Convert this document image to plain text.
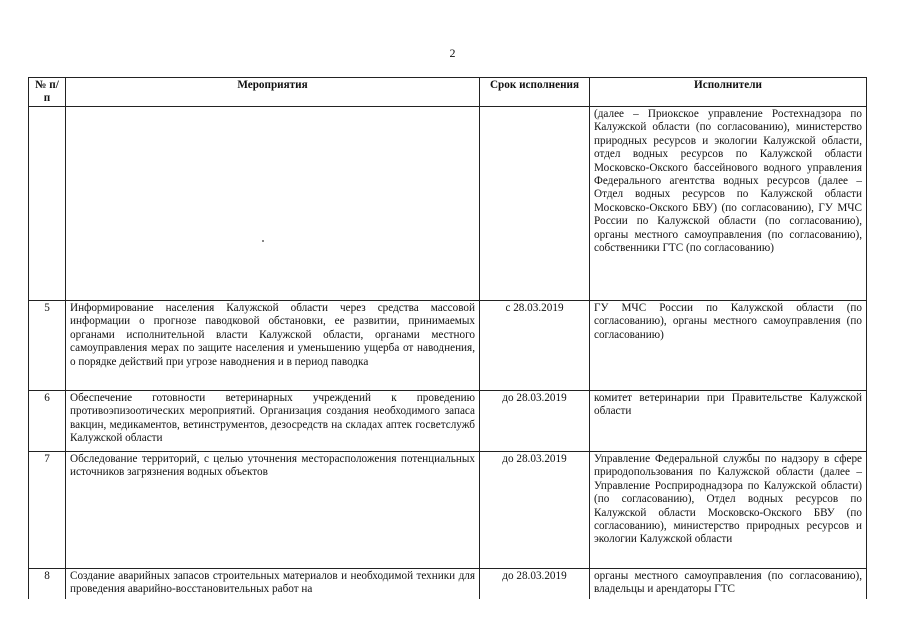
2
№ п/п	Мероприятия	Срок исполнения	Исполнители
			(далее – Приокское управление Ростехнадзора по Калужской области (по согласованию), министерство природных ресурсов и экологии Калужской области, отдел водных ресурсов по Калужской области Московско-Окского бассейнового водного управления Федерального агентства водных ресурсов (далее – Отдел водных ресурсов по Калужской области Московско-Окского БВУ) (по согласованию), ГУ МЧС России по Калужской области (по согласованию), органы местного самоуправления (по согласованию), собственники ГТС (по согласованию)
5	Информирование населения Калужской области через средства массовой информации о прогнозе паводковой обстановки, ее развитии, принимаемых органами исполнительной власти Калужской области, органами местного самоуправления мерах по защите населения и уменьшению ущерба от наводнения, о порядке действий при угрозе наводнения и в период паводка	с 28.03.2019	ГУ МЧС России по Калужской области (по согласованию), органы местного самоуправления (по согласованию)
6	Обеспечение готовности ветеринарных учреждений к проведению противоэпизоотических мероприятий. Организация создания необходимого запаса вакцин, медикаментов, ветинструментов, дезосредств на складах аптек госветслужб Калужской области	до 28.03.2019	комитет ветеринарии при Правительстве Калужской области
7	Обследование территорий, с целью уточнения месторасположения потенциальных источников загрязнения водных объектов	до 28.03.2019	Управление Федеральной службы по надзору в сфере природопользования по Калужской области (далее – Управление Росприроднадзора по Калужской области) (по согласованию), Отдел водных ресурсов по Калужской области Московско-Окского БВУ (по согласованию), министерство природных ресурсов и экологии Калужской области
8	Создание аварийных запасов строительных материалов и необходимой техники для проведения аварийно-восстановительных работ на	до 28.03.2019	органы местного самоуправления (по согласованию), владельцы и арендаторы ГТС
